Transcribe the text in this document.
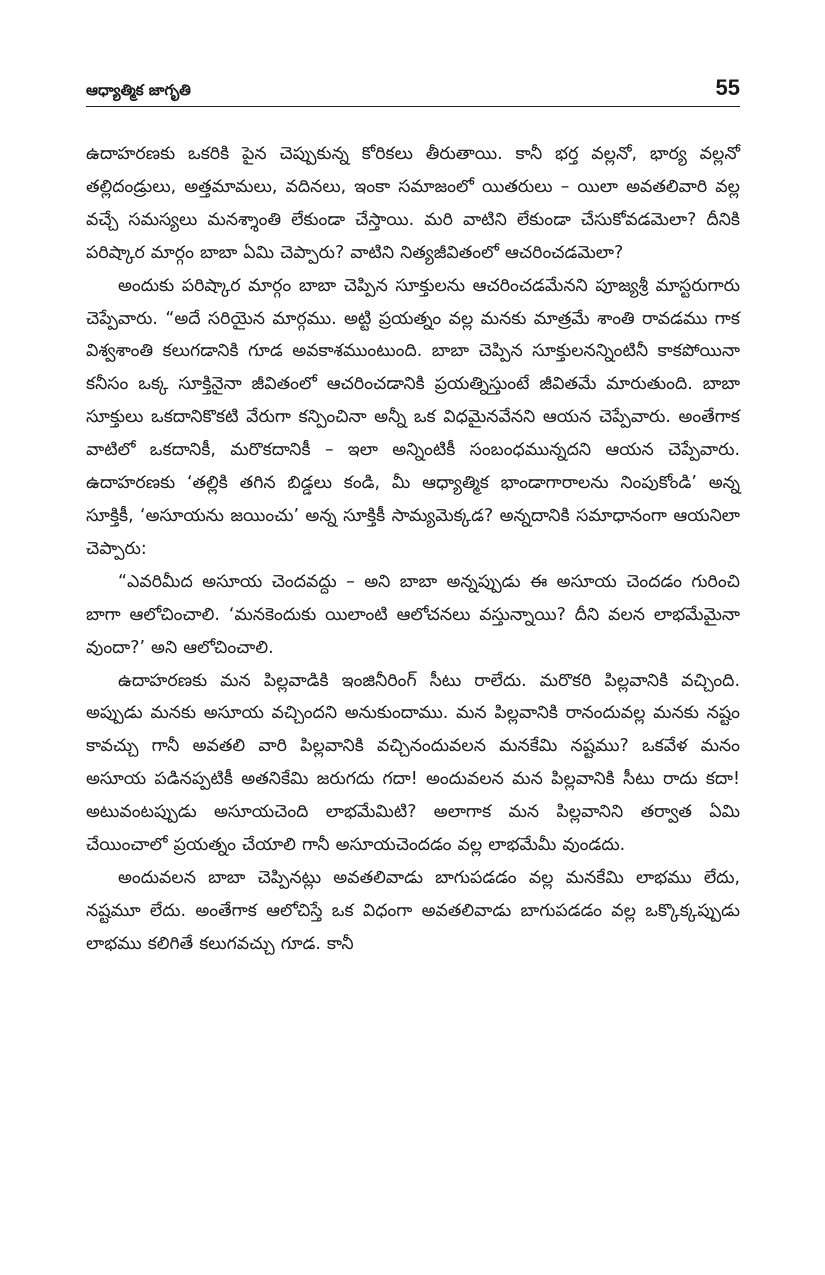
ఆధ్యాత్మిక జాగృతి	55

ఉదాహరణకు ఒకరికి పైన చెప్పుకున్న కోరికలు తీరుతాయి. కానీ భర్త వల్లనో, భార్య వల్లనో తల్లిదండ్రులు, అత్తమామలు, వదినలు, ఇంకా సమాజంలో యితరులు – యిలా అవతలివారి వల్ల వచ్చే సమస్యలు మనశ్శాంతి లేకుండా చేస్తాయి. మరి వాటిని లేకుండా చేసుకోవడమెలా? దీనికి పరిష్కార మార్గం బాబా ఏమి చెప్పారు? వాటిని నిత్యజీవితంలో ఆచరించడమెలా?

అందుకు పరిష్కార మార్గం బాబా చెప్పిన సూక్తులను ఆచరించడమేనని పూజ్యశ్రీ మాస్టరుగారు చెప్పేవారు. “అదే సరియైన మార్గము. అట్టి ప్రయత్నం వల్ల మనకు మాత్రమే శాంతి రావడము గాక విశ్వశాంతి కలుగడానికి గూడ అవకాశముంటుంది. బాబా చెప్పిన సూక్తులనన్నింటినీ కాకపోయినా కనీసం ఒక్క సూక్తినైనా జీవితంలో ఆచరించడానికి ప్రయత్నిస్తుంటే జీవితమే మారుతుంది. బాబా సూక్తులు ఒకదానికొకటి వేరుగా కన్పించినా అన్నీ ఒక విధమైనవేనని ఆయన చెప్పేవారు. అంతేగాక వాటిలో ఒకదానికీ, మరొకదానికీ – ఇలా అన్నింటికీ సంబంధమున్నదని ఆయన చెప్పేవారు. ఉదాహరణకు ‘తల్లికి తగిన బిడ్డలు కండి, మీ ఆధ్యాత్మిక భాండాగారాలను నింపుకోండి’ అన్న సూక్తికీ, ‘అసూయను జయించు’ అన్న సూక్తికీ సామ్యమెక్కడ? అన్నదానికి సమాధానంగా ఆయనిలా చెప్పారు:

“ఎవరిమీద అసూయ చెందవద్దు – అని బాబా అన్నప్పుడు ఈ అసూయ చెందడం గురించి బాగా ఆలోచించాలి. ‘మనకెందుకు యిలాంటి ఆలోచనలు వస్తున్నాయి? దీని వలన లాభమేమైనా వుందా?’ అని ఆలోచించాలి.

ఉదాహరణకు మన పిల్లవాడికి ఇంజినీరింగ్ సీటు రాలేదు. మరొకరి పిల్లవానికి వచ్చింది. అప్పుడు మనకు అసూయ వచ్చిందని అనుకుందాము. మన పిల్లవానికి రానందువల్ల మనకు నష్టం కావచ్చు గానీ అవతలి వారి పిల్లవానికి వచ్చినందువలన మనకేమి నష్టము? ఒకవేళ మనం అసూయ పడినప్పటికీ అతనికేమి జరుగదు గదా! అందువలన మన పిల్లవానికి సీటు రాదు కదా! అటువంటప్పుడు అసూయచెంది లాభమేమిటి? అలాగాక మన పిల్లవానిని తర్వాత ఏమి చేయించాలో ప్రయత్నం చేయాలి గానీ అసూయచెందడం వల్ల లాభమేమీ వుండదు.

అందువలన బాబా చెప్పినట్లు అవతలివాడు బాగుపడడం వల్ల మనకేమి లాభము లేదు, నష్టమూ లేదు. అంతేగాక ఆలోచిస్తే ఒక విధంగా అవతలివాడు బాగుపడడం వల్ల ఒక్కొక్కప్పుడు లాభము కలిగితే కలుగవచ్చు గూడ. కానీ
